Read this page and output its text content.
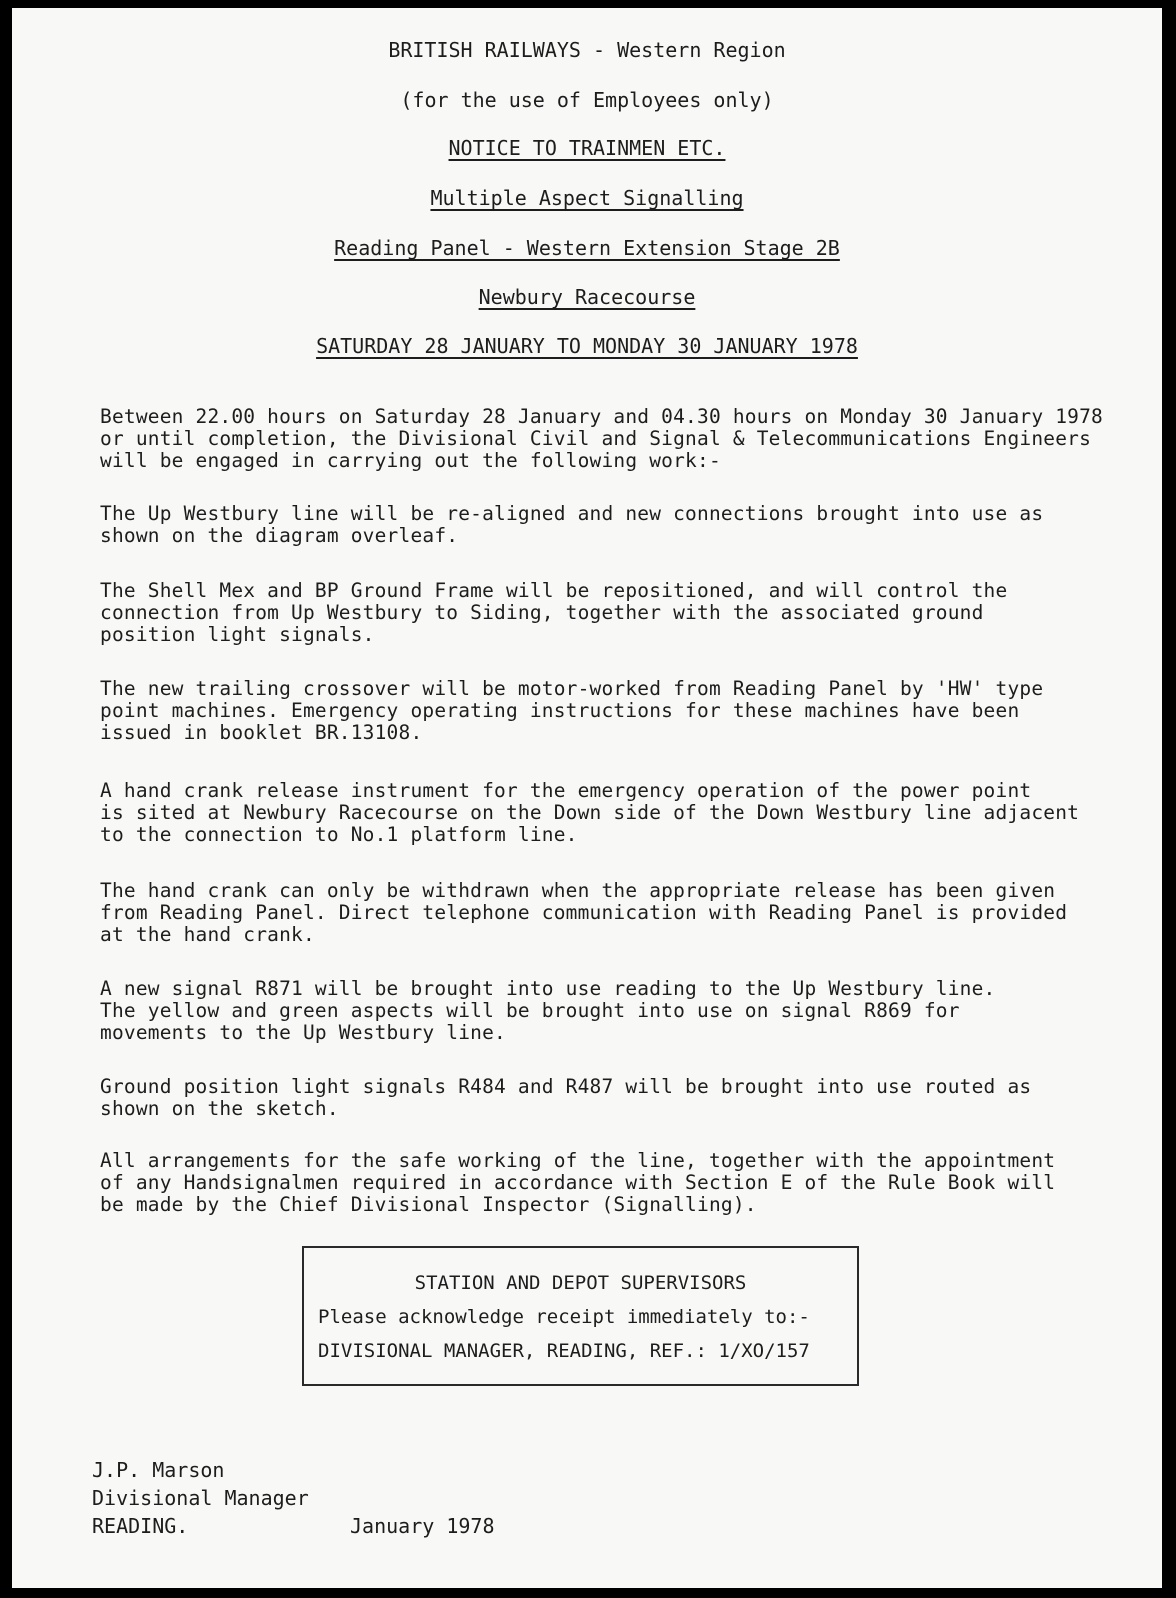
BRITISH RAILWAYS - Western Region
(for the use of Employees only)
NOTICE TO TRAINMEN ETC.
Multiple Aspect Signalling
Reading Panel - Western Extension Stage 2B
Newbury Racecourse
SATURDAY 28 JANUARY TO MONDAY 30 JANUARY 1978
Between 22.00 hours on Saturday 28 January and 04.30 hours on Monday 30 January 1978
or until completion, the Divisional Civil and Signal & Telecommunications Engineers
will be engaged in carrying out the following work:-
The Up Westbury line will be re-aligned and new connections brought into use as
shown on the diagram overleaf.
The Shell Mex and BP Ground Frame will be repositioned, and will control the
connection from Up Westbury to Siding, together with the associated ground
position light signals.
The new trailing crossover will be motor-worked from Reading Panel by 'HW' type
point machines. Emergency operating instructions for these machines have been
issued in booklet BR.13108.
A hand crank release instrument for the emergency operation of the power point
is sited at Newbury Racecourse on the Down side of the Down Westbury line adjacent
to the connection to No.1 platform line.
The hand crank can only be withdrawn when the appropriate release has been given
from Reading Panel. Direct telephone communication with Reading Panel is provided
at the hand crank.
A new signal R871 will be brought into use reading to the Up Westbury line.
The yellow and green aspects will be brought into use on signal R869 for
movements to the Up Westbury line.
Ground position light signals R484 and R487 will be brought into use routed as
shown on the sketch.
All arrangements for the safe working of the line, together with the appointment
of any Handsignalmen required in accordance with Section E of the Rule Book will
be made by the Chief Divisional Inspector (Signalling).
STATION AND DEPOT SUPERVISORS
Please acknowledge receipt immediately to:-
DIVISIONAL MANAGER, READING, REF.: 1/XO/157
J.P. Marson
Divisional Manager
READING.	January 1978
